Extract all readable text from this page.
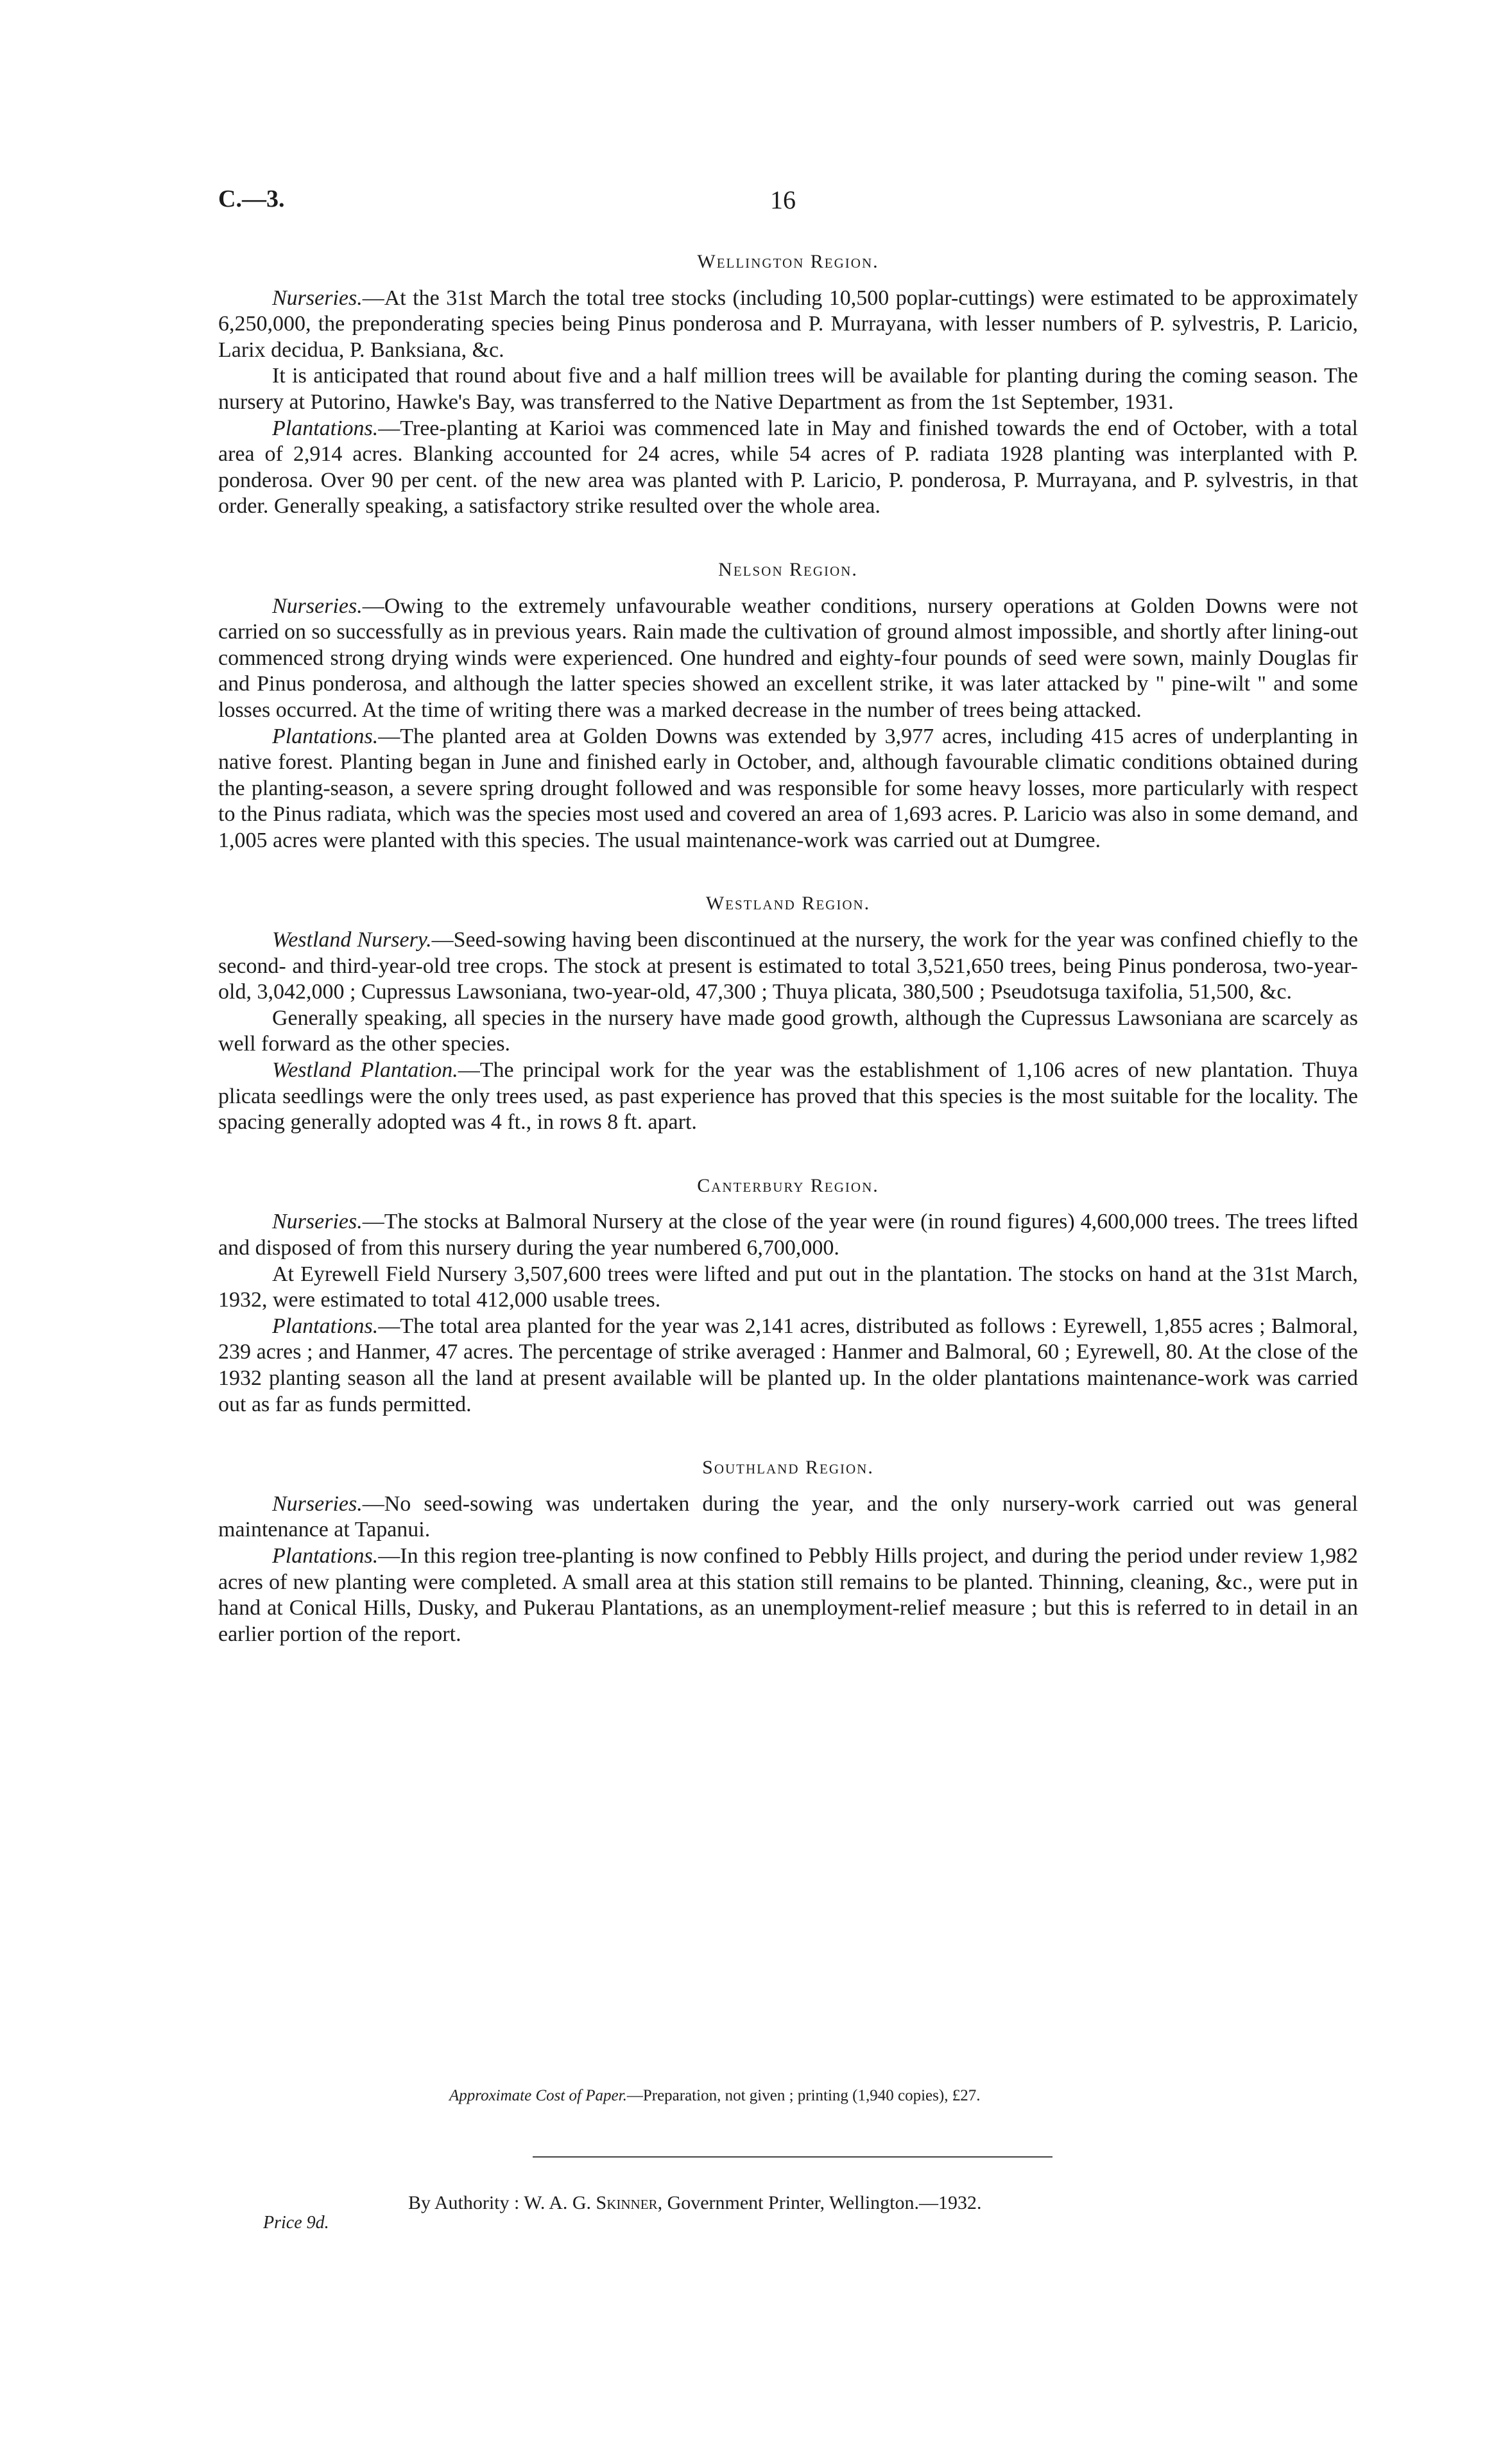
C.—3.	16
Wellington Region.

Nurseries.—At the 31st March the total tree stocks (including 10,500 poplar-cuttings) were estimated to be approximately 6,250,000, the preponderating species being Pinus ponderosa and P. Murrayana, with lesser numbers of P. sylvestris, P. Laricio, Larix decidua, P. Banksiana, &c.

It is anticipated that round about five and a half million trees will be available for planting during the coming season. The nursery at Putorino, Hawke's Bay, was transferred to the Native Department as from the 1st September, 1931.

Plantations.—Tree-planting at Karioi was commenced late in May and finished towards the end of October, with a total area of 2,914 acres. Blanking accounted for 24 acres, while 54 acres of P. radiata 1928 planting was interplanted with P. ponderosa. Over 90 per cent. of the new area was planted with P. Laricio, P. ponderosa, P. Murrayana, and P. sylvestris, in that order. Generally speaking, a satisfactory strike resulted over the whole area.

Nelson Region.

Nurseries.—Owing to the extremely unfavourable weather conditions, nursery operations at Golden Downs were not carried on so successfully as in previous years. Rain made the cultivation of ground almost impossible, and shortly after lining-out commenced strong drying winds were experienced. One hundred and eighty-four pounds of seed were sown, mainly Douglas fir and Pinus ponderosa, and although the latter species showed an excellent strike, it was later attacked by " pine-wilt " and some losses occurred. At the time of writing there was a marked decrease in the number of trees being attacked.

Plantations.—The planted area at Golden Downs was extended by 3,977 acres, including 415 acres of underplanting in native forest. Planting began in June and finished early in October, and, although favourable climatic conditions obtained during the planting-season, a severe spring drought followed and was responsible for some heavy losses, more particularly with respect to the Pinus radiata, which was the species most used and covered an area of 1,693 acres. P. Laricio was also in some demand, and 1,005 acres were planted with this species. The usual maintenance-work was carried out at Dumgree.

Westland Region.

Westland Nursery.—Seed-sowing having been discontinued at the nursery, the work for the year was confined chiefly to the second- and third-year-old tree crops. The stock at present is estimated to total 3,521,650 trees, being Pinus ponderosa, two-year-old, 3,042,000 ; Cupressus Lawsoniana, two-year-old, 47,300 ; Thuya plicata, 380,500 ; Pseudotsuga taxifolia, 51,500, &c.

Generally speaking, all species in the nursery have made good growth, although the Cupressus Lawsoniana are scarcely as well forward as the other species.

Westland Plantation.—The principal work for the year was the establishment of 1,106 acres of new plantation. Thuya plicata seedlings were the only trees used, as past experience has proved that this species is the most suitable for the locality. The spacing generally adopted was 4 ft., in rows 8 ft. apart.

Canterbury Region.

Nurseries.—The stocks at Balmoral Nursery at the close of the year were (in round figures) 4,600,000 trees. The trees lifted and disposed of from this nursery during the year numbered 6,700,000.

At Eyrewell Field Nursery 3,507,600 trees were lifted and put out in the plantation. The stocks on hand at the 31st March, 1932, were estimated to total 412,000 usable trees.

Plantations.—The total area planted for the year was 2,141 acres, distributed as follows : Eyrewell, 1,855 acres ; Balmoral, 239 acres ; and Hanmer, 47 acres. The percentage of strike averaged : Hanmer and Balmoral, 60 ; Eyrewell, 80. At the close of the 1932 planting season all the land at present available will be planted up. In the older plantations maintenance-work was carried out as far as funds permitted.

Southland Region.

Nurseries.—No seed-sowing was undertaken during the year, and the only nursery-work carried out was general maintenance at Tapanui.

Plantations.—In this region tree-planting is now confined to Pebbly Hills project, and during the period under review 1,982 acres of new planting were completed. A small area at this station still remains to be planted. Thinning, cleaning, &c., were put in hand at Conical Hills, Dusky, and Pukerau Plantations, as an unemployment-relief measure ; but this is referred to in detail in an earlier portion of the report.

Approximate Cost of Paper.—Preparation, not given ; printing (1,940 copies), £27.
Price 9d.
By Authority : W. A. G. Skinner, Government Printer, Wellington.—1932.
